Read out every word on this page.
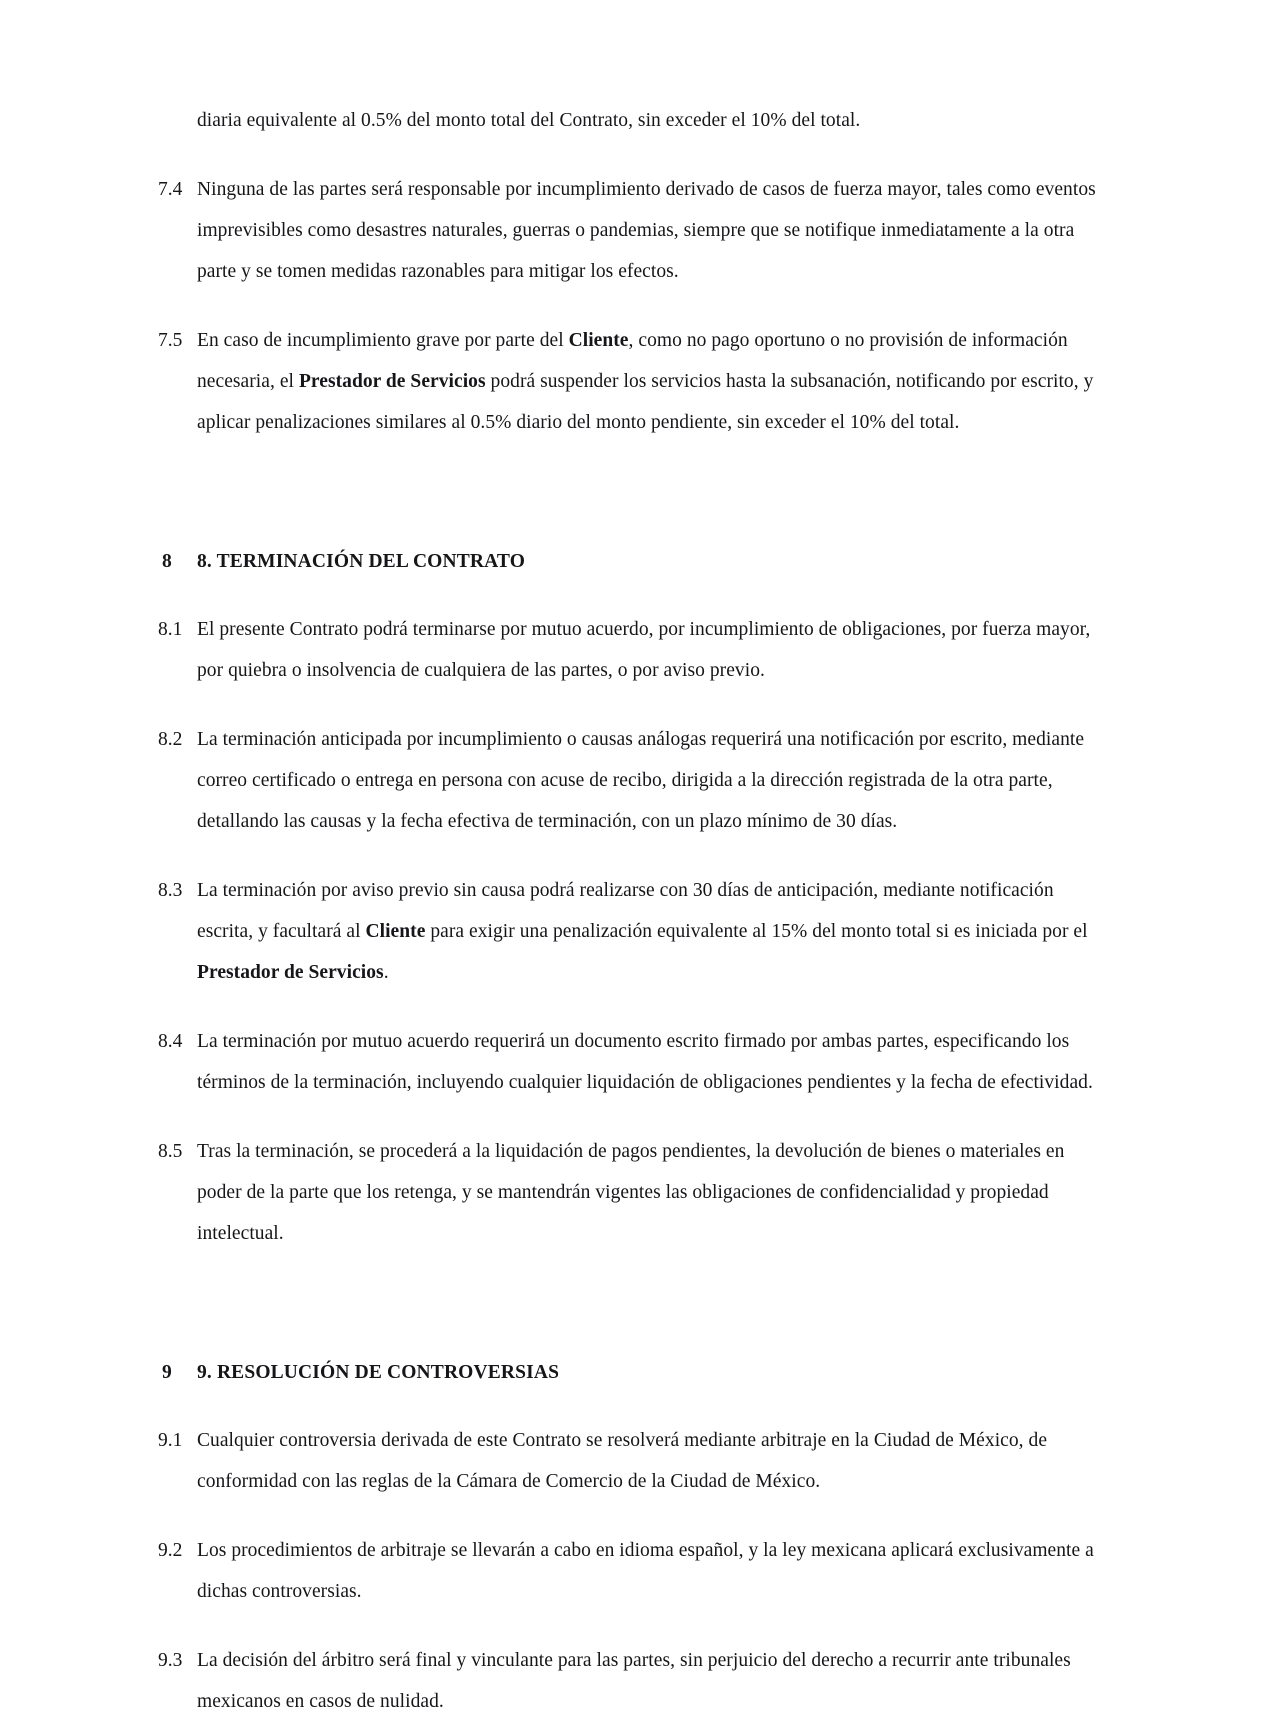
diaria equivalente al 0.5% del monto total del Contrato, sin exceder el 10% del total.
7.4 Ninguna de las partes será responsable por incumplimiento derivado de casos de fuerza mayor, tales como eventos imprevisibles como desastres naturales, guerras o pandemias, siempre que se notifique inmediatamente a la otra parte y se tomen medidas razonables para mitigar los efectos.
7.5 En caso de incumplimiento grave por parte del Cliente, como no pago oportuno o no provisión de información necesaria, el Prestador de Servicios podrá suspender los servicios hasta la subsanación, notificando por escrito, y aplicar penalizaciones similares al 0.5% diario del monto pendiente, sin exceder el 10% del total.
8	8. TERMINACIÓN DEL CONTRATO
8.1 El presente Contrato podrá terminarse por mutuo acuerdo, por incumplimiento de obligaciones, por fuerza mayor, por quiebra o insolvencia de cualquiera de las partes, o por aviso previo.
8.2 La terminación anticipada por incumplimiento o causas análogas requerirá una notificación por escrito, mediante correo certificado o entrega en persona con acuse de recibo, dirigida a la dirección registrada de la otra parte, detallando las causas y la fecha efectiva de terminación, con un plazo mínimo de 30 días.
8.3 La terminación por aviso previo sin causa podrá realizarse con 30 días de anticipación, mediante notificación escrita, y facultará al Cliente para exigir una penalización equivalente al 15% del monto total si es iniciada por el Prestador de Servicios.
8.4 La terminación por mutuo acuerdo requerirá un documento escrito firmado por ambas partes, especificando los términos de la terminación, incluyendo cualquier liquidación de obligaciones pendientes y la fecha de efectividad.
8.5 Tras la terminación, se procederá a la liquidación de pagos pendientes, la devolución de bienes o materiales en poder de la parte que los retenga, y se mantendrán vigentes las obligaciones de confidencialidad y propiedad intelectual.
9	9. RESOLUCIÓN DE CONTROVERSIAS
9.1 Cualquier controversia derivada de este Contrato se resolverá mediante arbitraje en la Ciudad de México, de conformidad con las reglas de la Cámara de Comercio de la Ciudad de México.
9.2 Los procedimientos de arbitraje se llevarán a cabo en idioma español, y la ley mexicana aplicará exclusivamente a dichas controversias.
9.3 La decisión del árbitro será final y vinculante para las partes, sin perjuicio del derecho a recurrir ante tribunales mexicanos en casos de nulidad.
